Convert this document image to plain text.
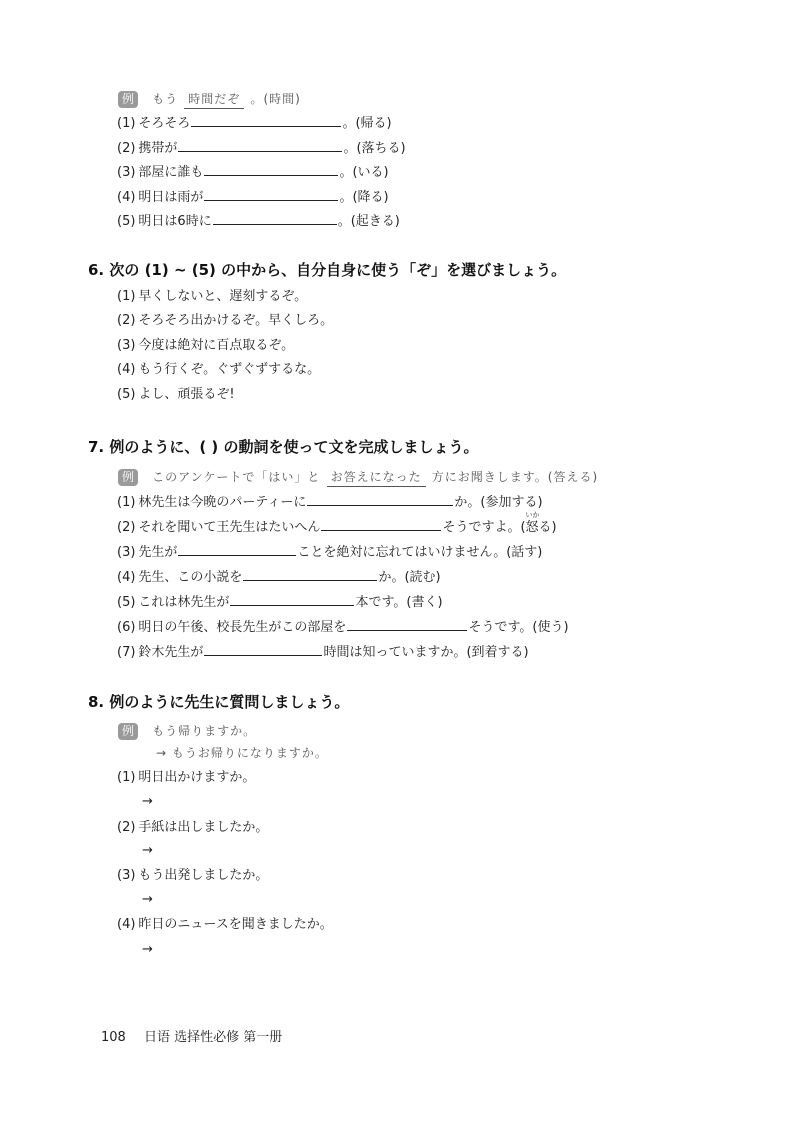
例 もう 時間だぞ 。(時間)
(1) そろそろ	。(帰る)
(2) 携帯が	。(落ちる)
(3) 部屋に誰も	。(いる)
(4) 明日は雨が	。(降る)
(5) 明日は6時に	。(起きる)
6. 次の (1) ~ (5) の中から、自分自身に使う「ぞ」を選びましょう。
(1) 早くしないと、遅刻するぞ。
(2) そろそろ出かけるぞ。早くしろ。
(3) 今度は絶対に百点取るぞ。
(4) もう行くぞ。ぐずぐずするな。
(5) よし、頑張るぞ!
7. 例のように、( ) の動詞を使って文を完成しましょう。
例 このアンケートで「はい」と お答えになった 方にお聞きします。(答える)
(1) 林先生は今晩のパーティーに	か。(参加する)
(2) それを聞いて王先生はたいへん	そうですよ。(
いか
怒る)
(3) 先生が	ことを絶対に忘れてはいけません。(話す)
(4) 先生、この小説を	か。(読む)
(5) これは林先生が	本です。(書く)
(6) 明日の午後、校長先生がこの部屋を	そうです。(使う)
(7) 鈴木先生が	時間は知っていますか。(到着する)
8. 例のように先生に質問しましょう。
例 もう帰りますか。
→ もうお帰りになりますか。
(1) 明日出かけますか。
→
(2) 手紙は出しましたか。
→
(3) もう出発しましたか。
→
(4) 昨日のニュースを聞きましたか。
→
108 日语 选择性必修 第一册
